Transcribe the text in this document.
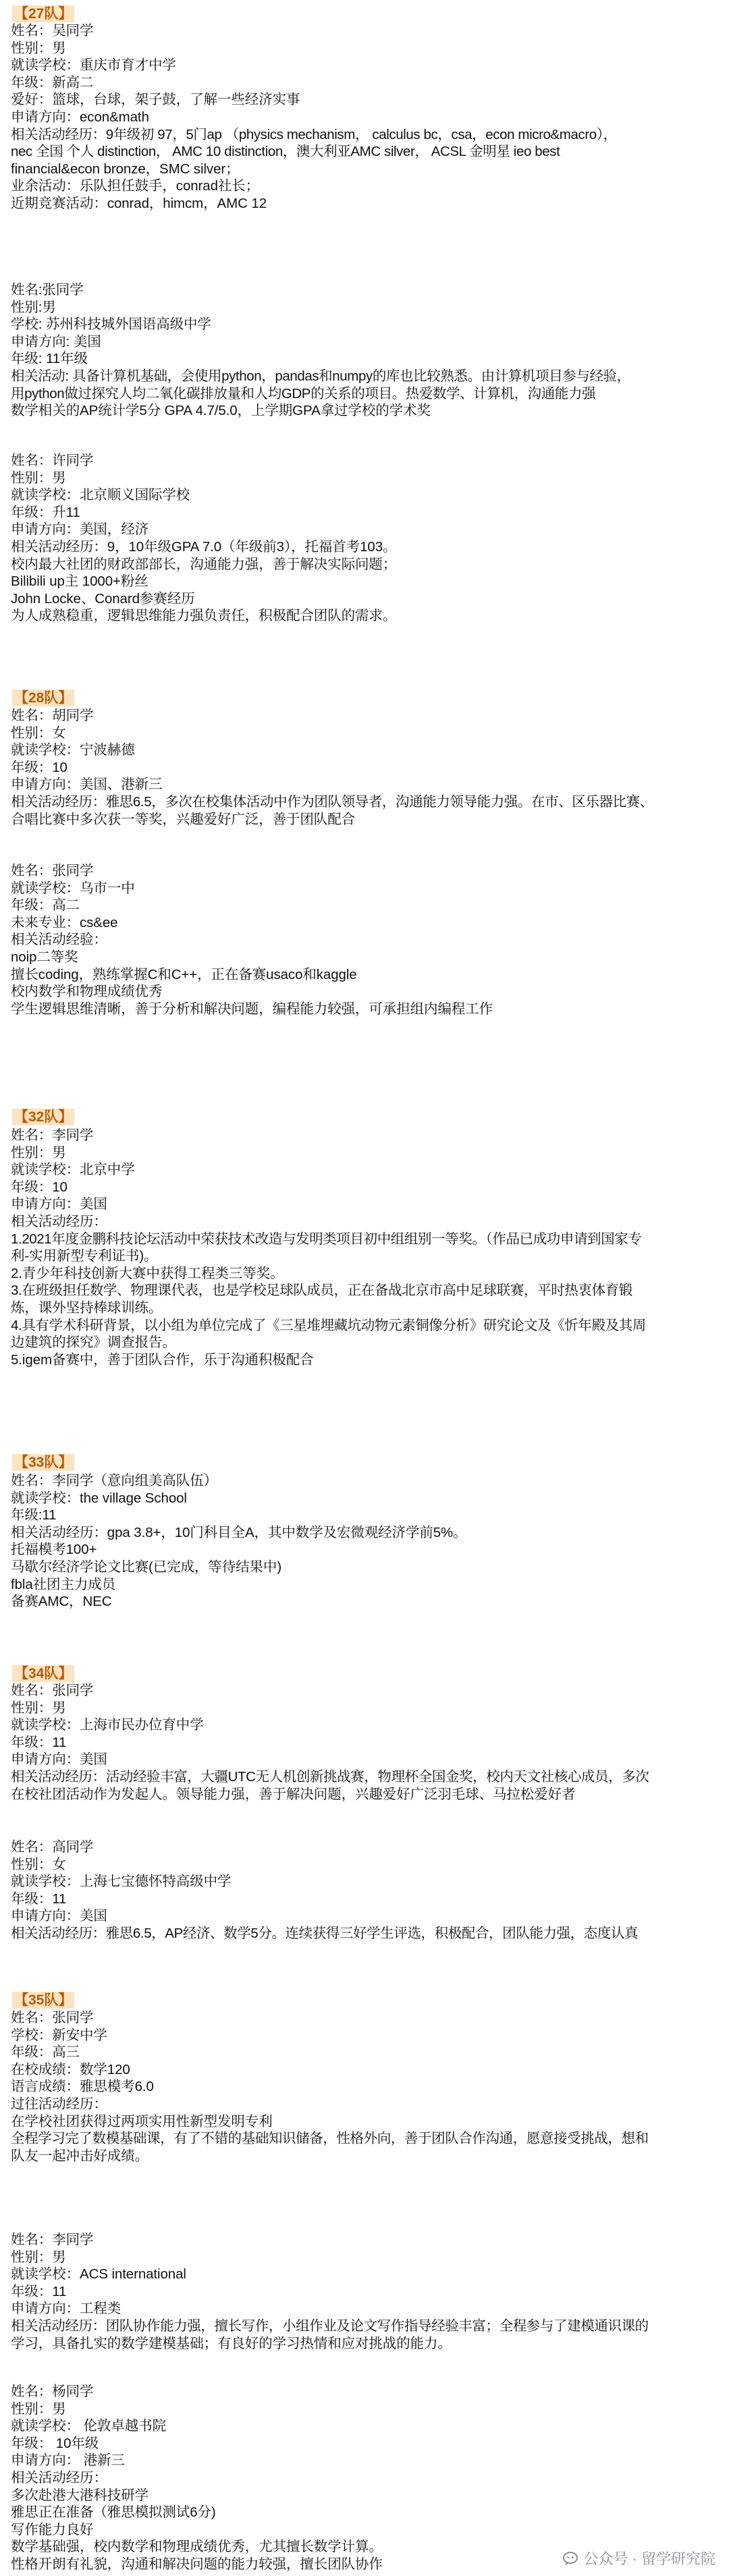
【27队】
姓名：吴同学
性别：男
就读学校：重庆市育才中学
年级：新高二
爱好：篮球，台球，架子鼓，了解一些经济实事
申请方向：econ&math
相关活动经历：9年级初 97，5门ap （physics mechanism， calculus bc，csa，econ micro&macro），
nec 全国 个人 distinction， AMC 10 distinction，澳大利亚AMC silver， ACSL 金明星 ieo best
financial&econ bronze，SMC silver；
业余活动：乐队担任鼓手，conrad社长；
近期竞赛活动：conrad，himcm，AMC 12
姓名:张同学
性别:男
学校: 苏州科技城外国语高级中学
申请方向: 美国
年级: 11年级
相关活动: 具备计算机基础，会使用python，pandas和numpy的库也比较熟悉。由计算机项目参与经验，
用python做过探究人均二氧化碳排放量和人均GDP的关系的项目。热爱数学、计算机，沟通能力强
数学相关的AP统计学5分 GPA 4.7/5.0，上学期GPA拿过学校的学术奖
姓名：许同学
性别：男
就读学校：北京顺义国际学校
年级：升11
申请方向：美国，经济
相关活动经历：9，10年级GPA 7.0（年级前3），托福首考103。
校内最大社团的财政部部长，沟通能力强，善于解决实际问题；
Bilibili up主 1000+粉丝
John Locke、Conard参赛经历
为人成熟稳重，逻辑思维能力强负责任，积极配合团队的需求。
【28队】
姓名：胡同学
性别：女
就读学校：宁波赫德
年级：10
申请方向：美国、港新三
相关活动经历：雅思6.5，多次在校集体活动中作为团队领导者，沟通能力领导能力强。在市、区乐器比赛、
合唱比赛中多次获一等奖，兴趣爱好广泛，善于团队配合
姓名：张同学
就读学校：乌市一中
年级：高二
未来专业：cs&ee
相关活动经验：
noip二等奖
擅长coding，熟练掌握C和C++，正在备赛usaco和kaggle
校内数学和物理成绩优秀
学生逻辑思维清晰，善于分析和解决问题，编程能力较强，可承担组内编程工作
【32队】
姓名：李同学
性别：男
就读学校：北京中学
年级：10
申请方向：美国
相关活动经历：
1.2021年度金鹏科技论坛活动中荣获技术改造与发明类项目初中组组别一等奖。（作品已成功申请到国家专
利-实用新型专利证书)。
2.青少年科技创新大赛中获得工程类三等奖。
3.在班级担任数学、物理课代表，也是学校足球队成员，正在备战北京市高中足球联赛，平时热衷体育锻
炼，课外坚持棒球训练。
4.具有学术科研背景，以小组为单位完成了《三星堆埋藏坑动物元素铜像分析》研究论文及《忻年殿及其周
边建筑的探究》调查报告。
5.igem备赛中，善于团队合作，乐于沟通积极配合
【33队】
姓名：李同学（意向组美高队伍）
就读学校：the village School
年级:11
相关活动经历：gpa 3.8+，10门科目全A，其中数学及宏微观经济学前5%。
托福模考100+
马歇尔经济学论文比赛(已完成，等待结果中)
fbla社团主力成员
备赛AMC，NEC
【34队】
姓名：张同学
性别：男
就读学校：上海市民办位育中学
年级：11
申请方向：美国
相关活动经历：活动经验丰富，大疆UTC无人机创新挑战赛，物理杯全国金奖，校内天文社核心成员，多次
在校社团活动作为发起人。领导能力强，善于解决问题，兴趣爱好广泛羽毛球、马拉松爱好者
姓名：高同学
性别：女
就读学校：上海七宝德怀特高级中学
年级：11
申请方向：美国
相关活动经历：雅思6.5，AP经济、数学5分。连续获得三好学生评选，积极配合，团队能力强，态度认真
【35队】
姓名：张同学
学校：新安中学
年级：高三
在校成绩：数学120
语言成绩：雅思模考6.0
过往活动经历：
在学校社团获得过两项实用性新型发明专利
全程学习完了数模基础课，有了不错的基础知识储备，性格外向，善于团队合作沟通，愿意接受挑战，想和
队友一起冲击好成绩。
姓名：李同学
性别：男
就读学校：ACS international
年级：11
申请方向：工程类
相关活动经历：团队协作能力强，擅长写作，小组作业及论文写作指导经验丰富；全程参与了建模通识课的
学习，具备扎实的数学建模基础；有良好的学习热情和应对挑战的能力。
姓名：杨同学
性别：男
就读学校： 伦敦卓越书院
年级： 10年级
申请方向： 港新三
相关活动经历：
多次赴港大港科技研学
雅思正在准备（雅思模拟测试6分)
写作能力良好
数学基础强，校内数学和物理成绩优秀，尤其擅长数学计算。
性格开朗有礼貌，沟通和解决问题的能力较强，擅长团队协作	公众号 · 留学研究院
